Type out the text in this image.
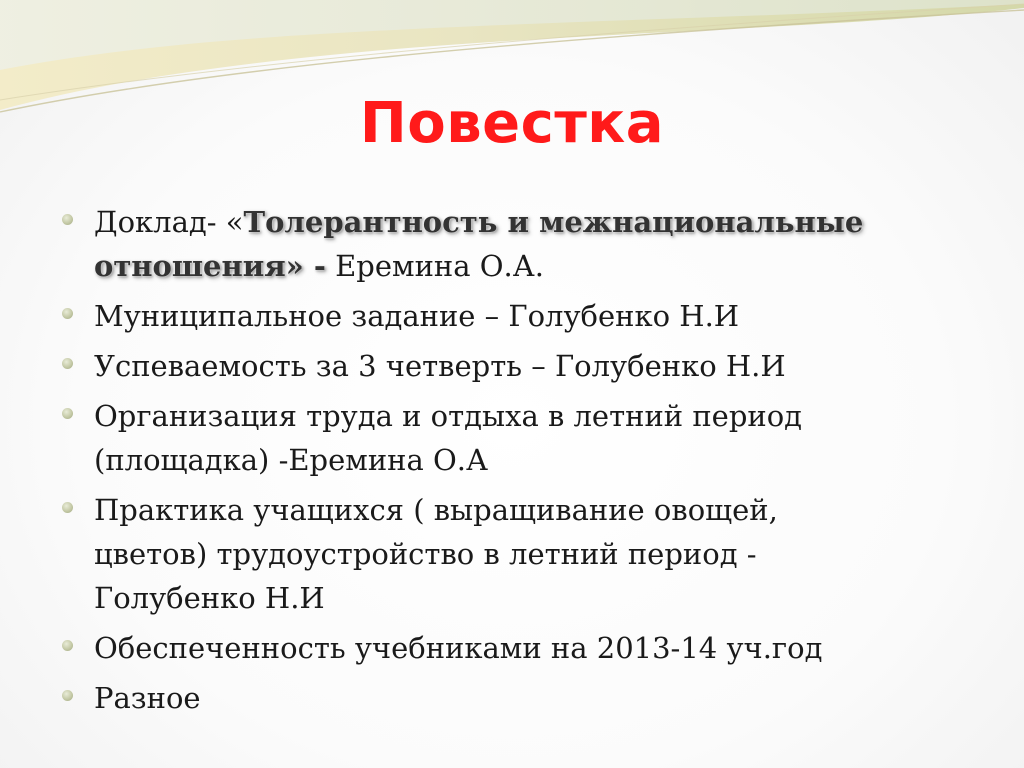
Повестка
Доклад- «Толерантность и межнациональные
отношения» - Еремина О.А.
Муниципальное задание – Голубенко Н.И
Успеваемость за 3 четверть – Голубенко Н.И
Организация труда и отдыха в летний период
(площадка) -Еремина О.А
Практика учащихся ( выращивание овощей,
цветов) трудоустройство в летний период -
Голубенко Н.И
Обеспеченность учебниками на 2013-14 уч.год
Разное
